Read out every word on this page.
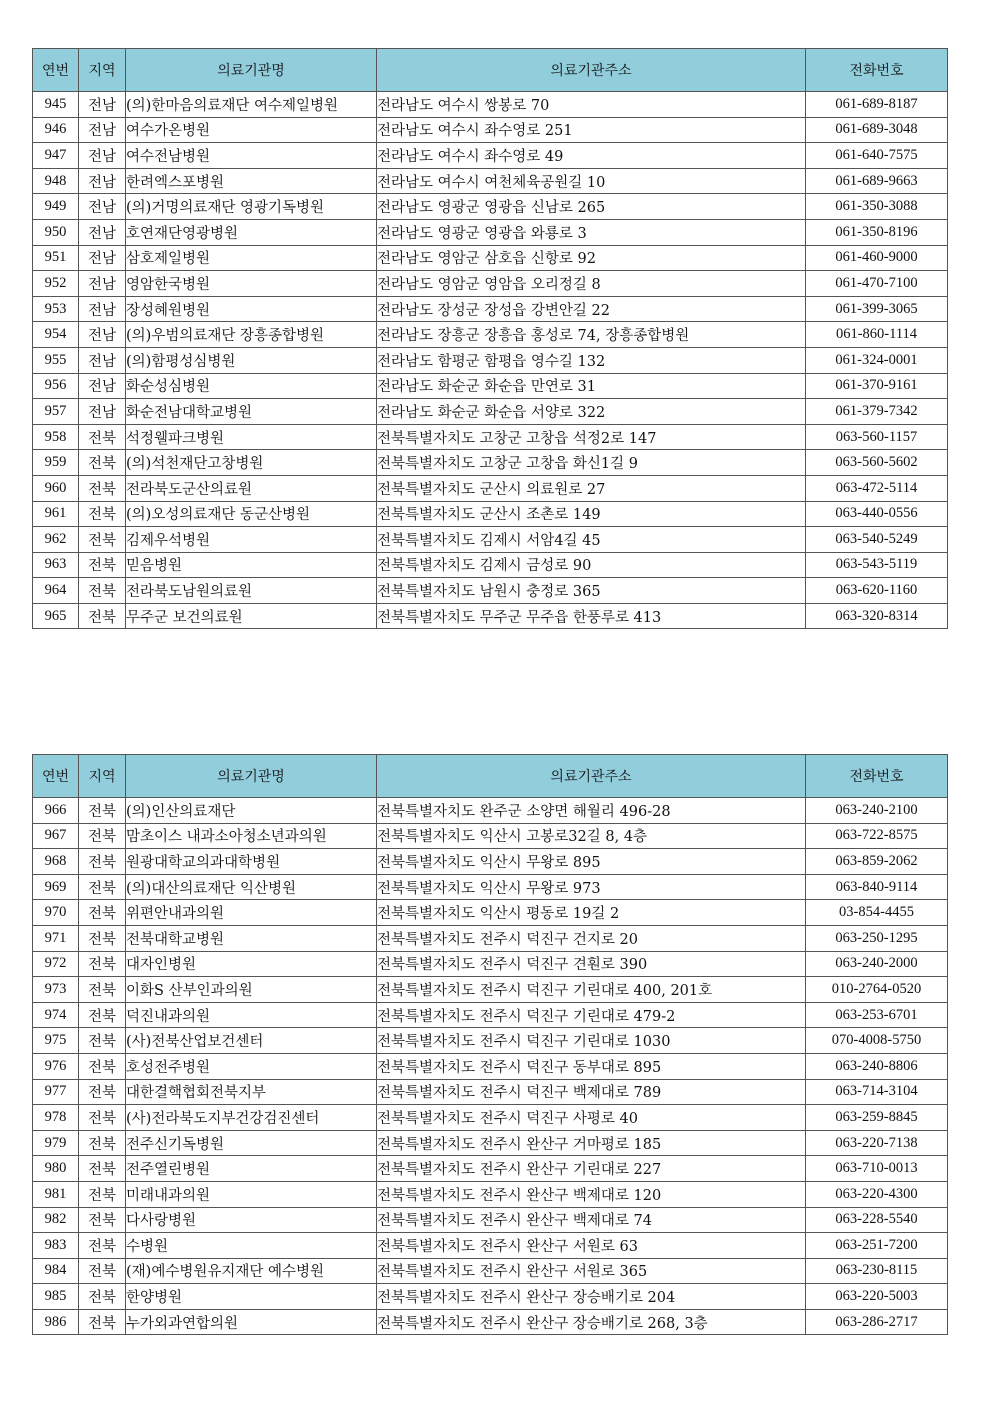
연번	지역	의료기관명	의료기관주소	전화번호
945	전남	(의)한마음의료재단 여수제일병원	전라남도 여수시 쌍봉로 70	061-689-8187
946	전남	여수가온병원	전라남도 여수시 좌수영로 251	061-689-3048
947	전남	여수전남병원	전라남도 여수시 좌수영로 49	061-640-7575
948	전남	한려엑스포병원	전라남도 여수시 여천체육공원길 10	061-689-9663
949	전남	(의)거명의료재단 영광기독병원	전라남도 영광군 영광읍 신남로 265	061-350-3088
950	전남	호연재단영광병원	전라남도 영광군 영광읍 와룡로 3	061-350-8196
951	전남	삼호제일병원	전라남도 영암군 삼호읍 신항로 92	061-460-9000
952	전남	영암한국병원	전라남도 영암군 영암읍 오리정길 8	061-470-7100
953	전남	장성혜원병원	전라남도 장성군 장성읍 강변안길 22	061-399-3065
954	전남	(의)우범의료재단 장흥종합병원	전라남도 장흥군 장흥읍 홍성로 74, 장흥종합병원	061-860-1114
955	전남	(의)함평성심병원	전라남도 함평군 함평읍 영수길 132	061-324-0001
956	전남	화순성심병원	전라남도 화순군 화순읍 만연로 31	061-370-9161
957	전남	화순전남대학교병원	전라남도 화순군 화순읍 서양로 322	061-379-7342
958	전북	석정웰파크병원	전북특별자치도 고창군 고창읍 석정2로 147	063-560-1157
959	전북	(의)석천재단고창병원	전북특별자치도 고창군 고창읍 화신1길 9	063-560-5602
960	전북	전라북도군산의료원	전북특별자치도 군산시 의료원로 27	063-472-5114
961	전북	(의)오성의료재단 동군산병원	전북특별자치도 군산시 조촌로 149	063-440-0556
962	전북	김제우석병원	전북특별자치도 김제시 서암4길 45	063-540-5249
963	전북	믿음병원	전북특별자치도 김제시 금성로 90	063-543-5119
964	전북	전라북도남원의료원	전북특별자치도 남원시 충정로 365	063-620-1160
965	전북	무주군 보건의료원	전북특별자치도 무주군 무주읍 한풍루로 413	063-320-8314
연번	지역	의료기관명	의료기관주소	전화번호
966	전북	(의)인산의료재단	전북특별자치도 완주군 소양면 해월리 496-28	063-240-2100
967	전북	맘초이스 내과소아청소년과의원	전북특별자치도 익산시 고봉로32길 8, 4층	063-722-8575
968	전북	원광대학교의과대학병원	전북특별자치도 익산시 무왕로 895	063-859-2062
969	전북	(의)대산의료재단 익산병원	전북특별자치도 익산시 무왕로 973	063-840-9114
970	전북	위편안내과의원	전북특별자치도 익산시 평동로 19길 2	03-854-4455
971	전북	전북대학교병원	전북특별자치도 전주시 덕진구 건지로 20	063-250-1295
972	전북	대자인병원	전북특별자치도 전주시 덕진구 견훤로 390	063-240-2000
973	전북	이화S 산부인과의원	전북특별자치도 전주시 덕진구 기린대로 400, 201호	010-2764-0520
974	전북	덕진내과의원	전북특별자치도 전주시 덕진구 기린대로 479-2	063-253-6701
975	전북	(사)전북산업보건센터	전북특별자치도 전주시 덕진구 기린대로 1030	070-4008-5750
976	전북	호성전주병원	전북특별자치도 전주시 덕진구 동부대로 895	063-240-8806
977	전북	대한결핵협회전북지부	전북특별자치도 전주시 덕진구 백제대로 789	063-714-3104
978	전북	(사)전라북도지부건강검진센터	전북특별자치도 전주시 덕진구 사평로 40	063-259-8845
979	전북	전주신기독병원	전북특별자치도 전주시 완산구 거마평로 185	063-220-7138
980	전북	전주열린병원	전북특별자치도 전주시 완산구 기린대로 227	063-710-0013
981	전북	미래내과의원	전북특별자치도 전주시 완산구 백제대로 120	063-220-4300
982	전북	다사랑병원	전북특별자치도 전주시 완산구 백제대로 74	063-228-5540
983	전북	수병원	전북특별자치도 전주시 완산구 서원로 63	063-251-7200
984	전북	(재)예수병원유지재단 예수병원	전북특별자치도 전주시 완산구 서원로 365	063-230-8115
985	전북	한양병원	전북특별자치도 전주시 완산구 장승배기로 204	063-220-5003
986	전북	누가외과연합의원	전북특별자치도 전주시 완산구 장승배기로 268, 3층	063-286-2717
